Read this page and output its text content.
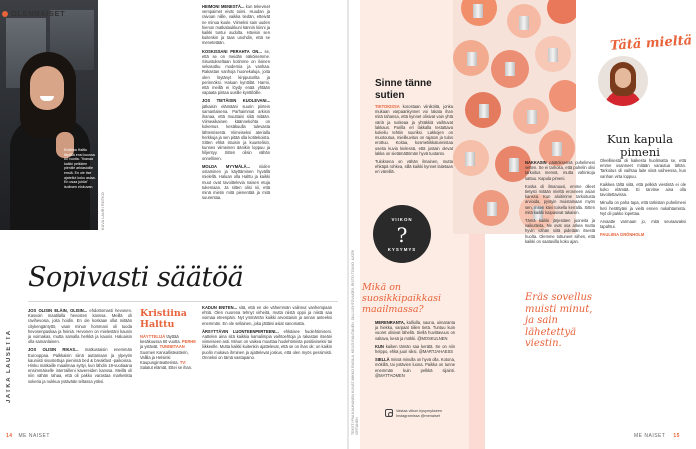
Kristiina Halttu täyttää ensi kuussa 60 vuotta. "Ihanaa kaikki pelkkien pienille arkiasioille ensiä. En ole itse ajatellut koko asiaa. En osaa juhlia" isoiksen elokuvan.
OLENNAISET
KUVA LAURI ROTKO
Sopivasti säätöä
JATKA LAUSETTA

JOS OLISIN ELÄIN, OLISIN... ehdottomasti hevonen. Kasvoin maatilalla hevosten kanssa. Meillä oli ravihevosia, joita hoidin. En ole koskaan ollut mitään citykengäntyttö, vaan minun hommani oli tuoda hevosenpaskaa ja heiniä. Hevonen on mielestäni kaunis ja voimakas, mutta samalla herkkä ja kaunis. Haluaisin olla samanlainen.

JOS OLISIN RIKAS... matkustaisin enemmän Eurooppaa. Palkkaisin siinä auttamaan ja ylpeytin kauniisti sisustettuja pienissä bed & breakfast -paikoissa. Hinku matkaille maailmaa syttyi, kun lähdin 19-vuotiaana ensimmäiselle interrailleni kavereiden kanssa. Meillä oli niin vähän rahaa, että oli pakko varastaa marketista sokeria ja nukkua ystävään teltassa yöksi.

Kristiina Halttu
NÄYTTELIJÄ täyttää kesäkuussa 60 vuotta. PERHE ja ystävät. TUNNETAAN Suomen Kansallisteatterin, Vallila ja Helsinki Kaupunginteatterista. TV: Salatut elämät, Ettei se ihan.

HEIMONI MENESTÄ... kun tekeviset vempaimet eivät toimi. Huudan ja raivoan niille, vaikka tiedän, etteivät ne minua kuule. Viimeksi sain uuden hienon matkalaukkuni kännin kiinni ja kaikki tuntui oudolta. Hävisin sen kuitenkin ja taas unohdin, että se menetetään.

KOSKISSANI PERAHTA ON... se, että se on meidän näköisemme. Sisustukseltaan kotimme on iloinen sekasotku modernia ja vanhaa. Rakastan vanhoja huonekaluja, joita olen löytänyt kirpputorilta ja perinnöksi. Haluan kynttilät. Harmi, että meillä ei löydy enää yhtään vapaata pintaa uusille kynttilöille.

JOS TIETÄISIN KUOLEVANI... jatkaisin elämääni suurin piirtein samanlaisena. Parhaimmat arkisin ihanaa, että muuttaisi siitä mitään. Viimeaikainen käännekohta on kokemus kesäkuulla tulevasta lähtemisestä. Viimeiseksi aterialla herkkuja ja sen pitää olla kotitekoista. Sitten ehkä istuisin ja kuuntelisin, kunnes viimeinen äänikin loppuu ja hiljentyy. Sitten olisin vähän onnellinen.

MOLDA MYYMÄLÄ... niiden ostaminen ja käyttäminen hyvällä mielellä. Haluan olla Halttu ja kaikki muut ovat tavoittelevia naisen etuja tukemaan. Ja sitten olisi nii, että minä mietin mitä pienentää ja mitä suurentaa.

KADUN ENITEN... sitä, että en ole vähemmän valinnut vanhempaan ehtiä. Olen nuorena tehnyt virheitä, mutta niistä oppii ja niistä saa voimaa eteenpäin. Nyt ymmärrän kaikki arvostaisin ja annan anteeksi enemmän. En ole sellainen, joka jättäisi asiat sanomatta.

ÄRSYTTÄVIN LUONTEENPIIRTEENI... ehkäisee huolehtimiseni. Aattelen aina sitä kaikkia kamalimpia vaihtoehtoja ja rakastan itseäni viimeiseen asti. Minun on vaikea muuttaa huolehtimista positiiviseksi tai liikkeelle. Mutta kaikki kuitenkin ajattelevat, että se on ihan ok: on kaikin puolin mukava ihminen ja ajattelevat joskus, että olen myös pessimisti. Onneksi on tämä vastapaino.

14 ME NAISET
TEKSTI PIIA KAUHANEN KUVAT MIKKO RASILA, KEIJO RANTANEN, OLLI LEHTOVUORI, RISTO TOIVIO, KATRI VIRTANEN
Sinne tänne sutien

TIKTOKISSA korostaan viiniköitä, jonka mukaan varpaankynnet voi lakata ihan mitä tahansa, että kynnet olisivat vain yhtä väriä ja ruskeaa ja yhtäkkiä vaihtuvat lakkaus. Parilla eri lakkalla testattava kokeilu tehtiin suuriksi. Lakkojen on muotoutua, mielikuvitus on rajaton ja tulos erottuu. Koitaa, kosmetiikkatunnistaa useita kuvia kielessä, että jostain olevat lakka on sietämättömän hyvä tuotanto.

Tuloksena on vähän ilmainen, mutta ehkäpä rohkea, sillä kaikki kynnet laitetaan eri väreillä.

VIIKON
?
KYSYMYS
Mikä on suosikkipaikkasi maailmassa?

MERENRANTA, kalliolla, sauna, uimaranta ja hiekka, varpaat tiilien tietä. Tuntuu kuin vuoret olisivat lähellä. Siellä huvittavuus on valtava, kesä ja mökki. @MOSKULNEN

KUN kaiken tämän saa kerätä. Se on niin helppo, ehkä juuri siksi. @MARTJAHAESS

SIELLÄ missä minulla on hyvä olla. Kotona, mökillä, tai ystävien luona. Paikka on tunne enemmän kuin pelkkä sijainti. @MATTAOMEN

Vastaa viikon kysymykseen Instagramissa @menaiset
Tätä mieltä
Kun kapula pimeni

NAKKASIN päätöksensä puhelimeni vetten. Se ei tarkoita, että puhelin olisi tarkoitus mennä, mutta vahinkoja sattuu. Kapula pimeni.

Koska oli ilmanuusi, emme olleet tietysti mitään mieltä eronneen asian kanssa. Kun aloitimme tarkoitusta arvioida, pystyin muistamaan myös sen, miten kävi toisella kerralla. Sitten mitä kaikki kaipasivat takaisin.

Tämä kaikki järjestäen juoneita ja vaikutteita. Ne ovat osa arkea mutta hyvin vähän siitä pidetään itsestä huolta. Olemme tottuneet siihen, että kaikki on saatavilla koko ajan.

Eräs sovellus muisti minut, ja sain lähetettyä viestin.

Oleellisesta oli kaikesta huolimatta se, että emme osanneet mitään varautua tähän. Tarkoitus oli vaihtaa laite siinä vaiheessa, kun vanhan virta loppuu.

Kaikkea tältä siitä, että pelkkä viestintä ei ole koko elämää. Ei tarvitse aina olla tavoitettavissa.

Minulla on paha tapa, että tarkistan puhelimeni heti herättyäni ja vielä ennen nukahtamista. Nyt oli pakko lopettaa.

Arvaatte varmaan jo, mitä seuraavaksi tapahtui.

PAULIINA GRÖNHOLM

ME NAISET 15
